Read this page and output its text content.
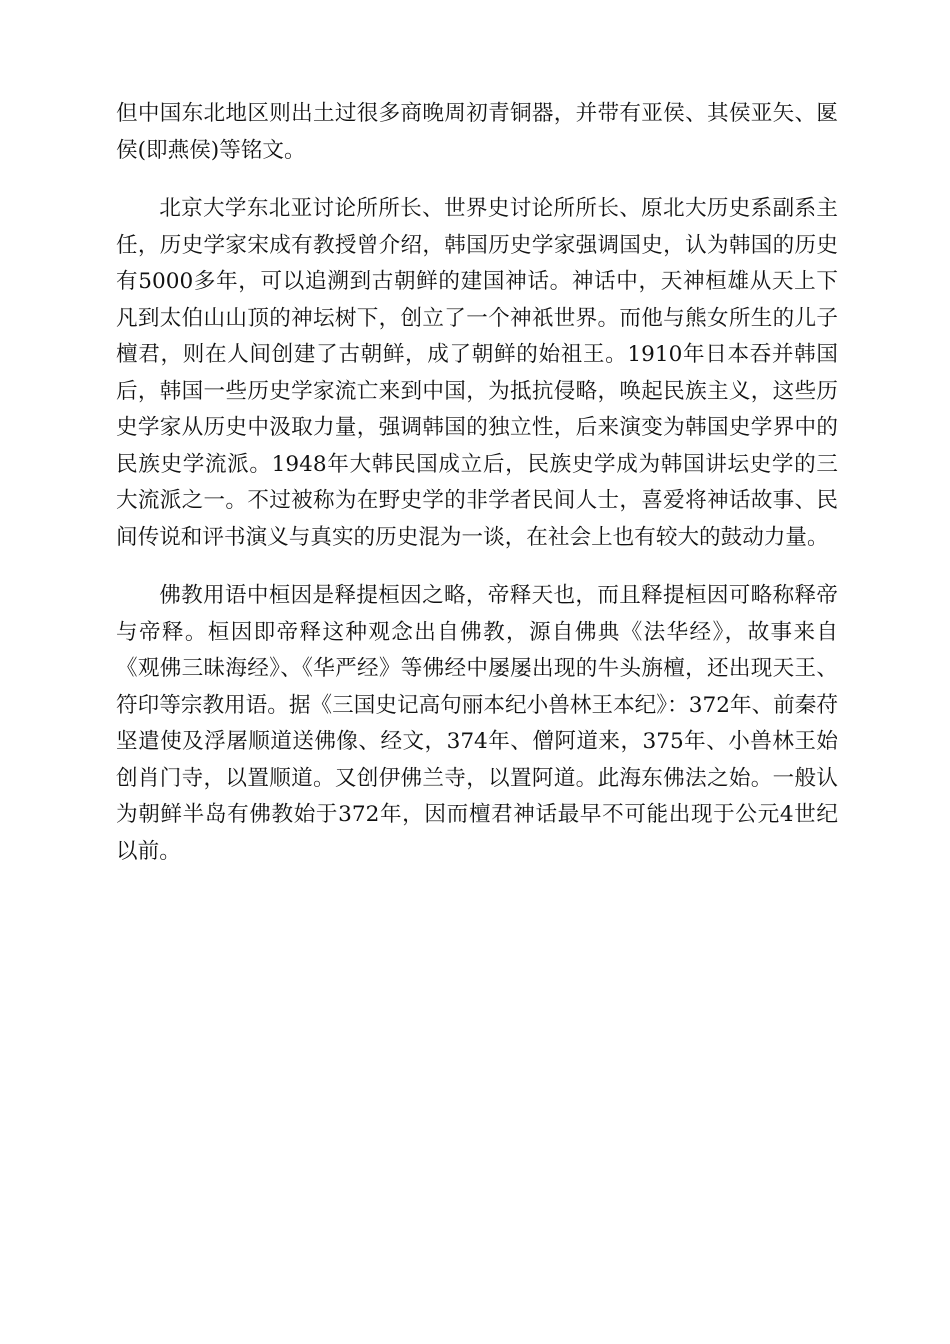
但中国东北地区则出土过很多商晚周初青铜器，并带有亚侯、其侯亚矢、匽侯(即燕侯)等铭文。

北京大学东北亚讨论所所长、世界史讨论所所长、原北大历史系副系主任，历史学家宋成有教授曾介绍，韩国历史学家强调国史，认为韩国的历史有5000多年，可以追溯到古朝鲜的建国神话。神话中，天神桓雄从天上下凡到太伯山山顶的神坛树下，创立了一个神祇世界。而他与熊女所生的儿子檀君，则在人间创建了古朝鲜，成了朝鲜的始祖王。1910年日本吞并韩国后，韩国一些历史学家流亡来到中国，为抵抗侵略，唤起民族主义，这些历史学家从历史中汲取力量，强调韩国的独立性，后来演变为韩国史学界中的民族史学流派。1948年大韩民国成立后，民族史学成为韩国讲坛史学的三大流派之一。不过被称为在野史学的非学者民间人士，喜爱将神话故事、民间传说和评书演义与真实的历史混为一谈，在社会上也有较大的鼓动力量。

佛教用语中桓因是释提桓因之略，帝释天也，而且释提桓因可略称释帝与帝释。桓因即帝释这种观念出自佛教，源自佛典《法华经》，故事来自《观佛三昧海经》、《华严经》等佛经中屡屡出现的牛头旃檀，还出现天王、符印等宗教用语。据《三国史记高句丽本纪小兽林王本纪》：372年、前秦苻坚遣使及浮屠顺道送佛像、经文，374年、僧阿道来，375年、小兽林王始创肖门寺，以置顺道。又创伊佛兰寺，以置阿道。此海东佛法之始。一般认为朝鲜半岛有佛教始于372年，因而檀君神话最早不可能出现于公元4世纪以前。
